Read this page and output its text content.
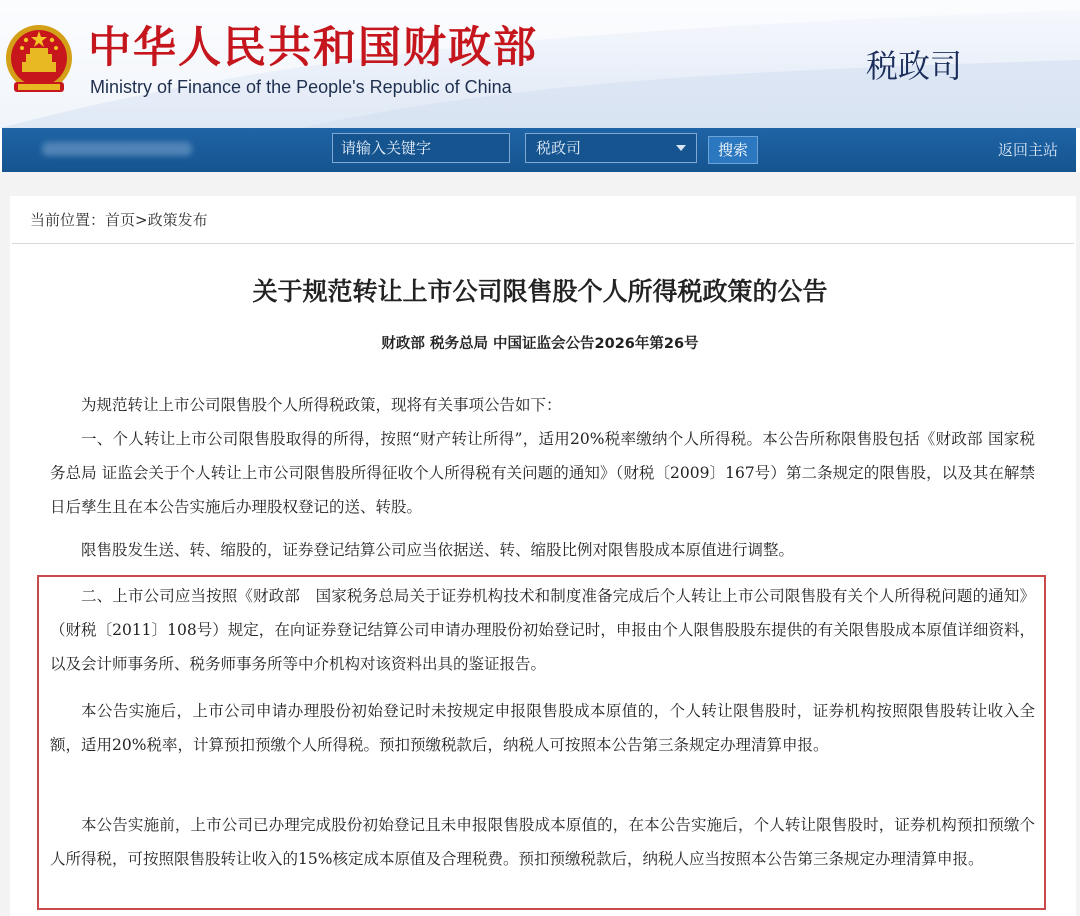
中华人民共和国财政部
Ministry of Finance of the People's Republic of China
税政司
请输入关键字
税政司	搜索	返回主站
当前位置：首页>政策发布
关于规范转让上市公司限售股个人所得税政策的公告
财政部 税务总局 中国证监会公告2026年第26号

为规范转让上市公司限售股个人所得税政策，现将有关事项公告如下：

一、个人转让上市公司限售股取得的所得，按照“财产转让所得”，适用20%税率缴纳个人所得税。本公告所称限售股包括《财政部 国家税务总局 证监会关于个人转让上市公司限售股所得征收个人所得税有关问题的通知》（财税〔2009〕167号）第二条规定的限售股，以及其在解禁日后孳生且在本公告实施后办理股权登记的送、转股。

限售股发生送、转、缩股的，证券登记结算公司应当依据送、转、缩股比例对限售股成本原值进行调整。

二、上市公司应当按照《财政部　国家税务总局关于证券机构技术和制度准备完成后个人转让上市公司限售股有关个人所得税问题的通知》（财税〔2011〕108号）规定，在向证券登记结算公司申请办理股份初始登记时，申报由个人限售股股东提供的有关限售股成本原值详细资料，以及会计师事务所、税务师事务所等中介机构对该资料出具的鉴证报告。

本公告实施后，上市公司申请办理股份初始登记时未按规定申报限售股成本原值的，个人转让限售股时，证券机构按照限售股转让收入全额，适用20%税率，计算预扣预缴个人所得税。预扣预缴税款后，纳税人可按照本公告第三条规定办理清算申报。

本公告实施前，上市公司已办理完成股份初始登记且未申报限售股成本原值的，在本公告实施后，个人转让限售股时，证券机构预扣预缴个人所得税，可按照限售股转让收入的15%核定成本原值及合理税费。预扣预缴税款后，纳税人应当按照本公告第三条规定办理清算申报。
